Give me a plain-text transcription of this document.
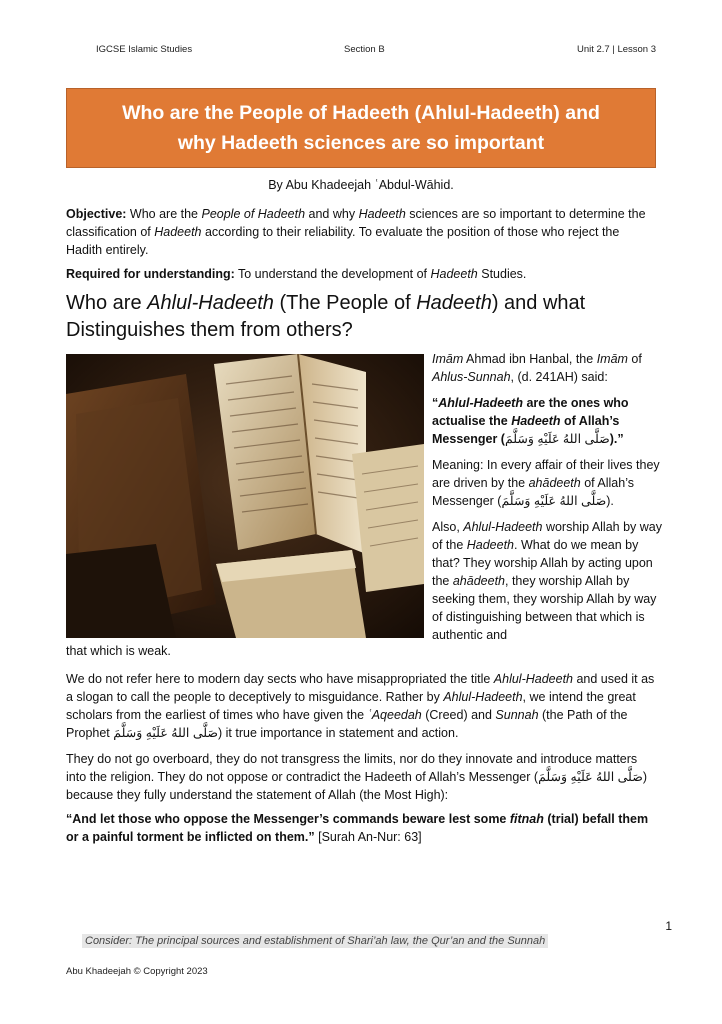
IGCSE Islamic Studies	Section B	Unit 2.7 | Lesson 3
Who are the People of Hadeeth (Ahlul-Hadeeth) and
why Hadeeth sciences are so important
By Abu Khadeejah ʿAbdul-Wāhid.

Objective: Who are the People of Hadeeth and why Hadeeth sciences are so important to determine the classification of Hadeeth according to their reliability. To evaluate the position of those who reject the Hadith entirely.

Required for understanding: To understand the development of Hadeeth Studies.

Who are Ahlul-Hadeeth (The People of Hadeeth) and what Distinguishes them from others?

Imām Ahmad ibn Hanbal, the Imām of Ahlus-Sunnah, (d. 241AH) said:

“Ahlul-Hadeeth are the ones who actualise the Hadeeth of Allah’s Messenger (صَلَّى اللهُ عَلَيْهِ وَسَلَّمَ).”

Meaning: In every affair of their lives they are driven by the ahādeeth of Allah’s Messenger (صَلَّى اللهُ عَلَيْهِ وَسَلَّمَ).

Also, Ahlul-Hadeeth worship Allah by way of the Hadeeth. What do we mean by that? They worship Allah by acting upon the ahādeeth, they worship Allah by seeking them, they worship Allah by way of distinguishing between that which is authentic and

that which is weak.

We do not refer here to modern day sects who have misappropriated the title Ahlul-Hadeeth and used it as a slogan to call the people to deceptively to misguidance. Rather by Ahlul-Hadeeth, we intend the great scholars from the earliest of times who have given the ʿAqeedah (Creed) and Sunnah (the Path of the Prophet صَلَّى اللهُ عَلَيْهِ وَسَلَّمَ) it true importance in statement and action.

They do not go overboard, they do not transgress the limits, nor do they innovate and introduce matters into the religion. They do not oppose or contradict the Hadeeth of Allah’s Messenger (صَلَّى اللهُ عَلَيْهِ وَسَلَّمَ) because they fully understand the statement of Allah (the Most High):

“And let those who oppose the Messenger’s commands beware lest some fitnah (trial) befall them or a painful torment be inflicted on them.” [Surah An-Nur: 63]

1
Consider: The principal sources and establishment of Shari’ah law, the Qur’an and the Sunnah
Abu Khadeejah © Copyright 2023
